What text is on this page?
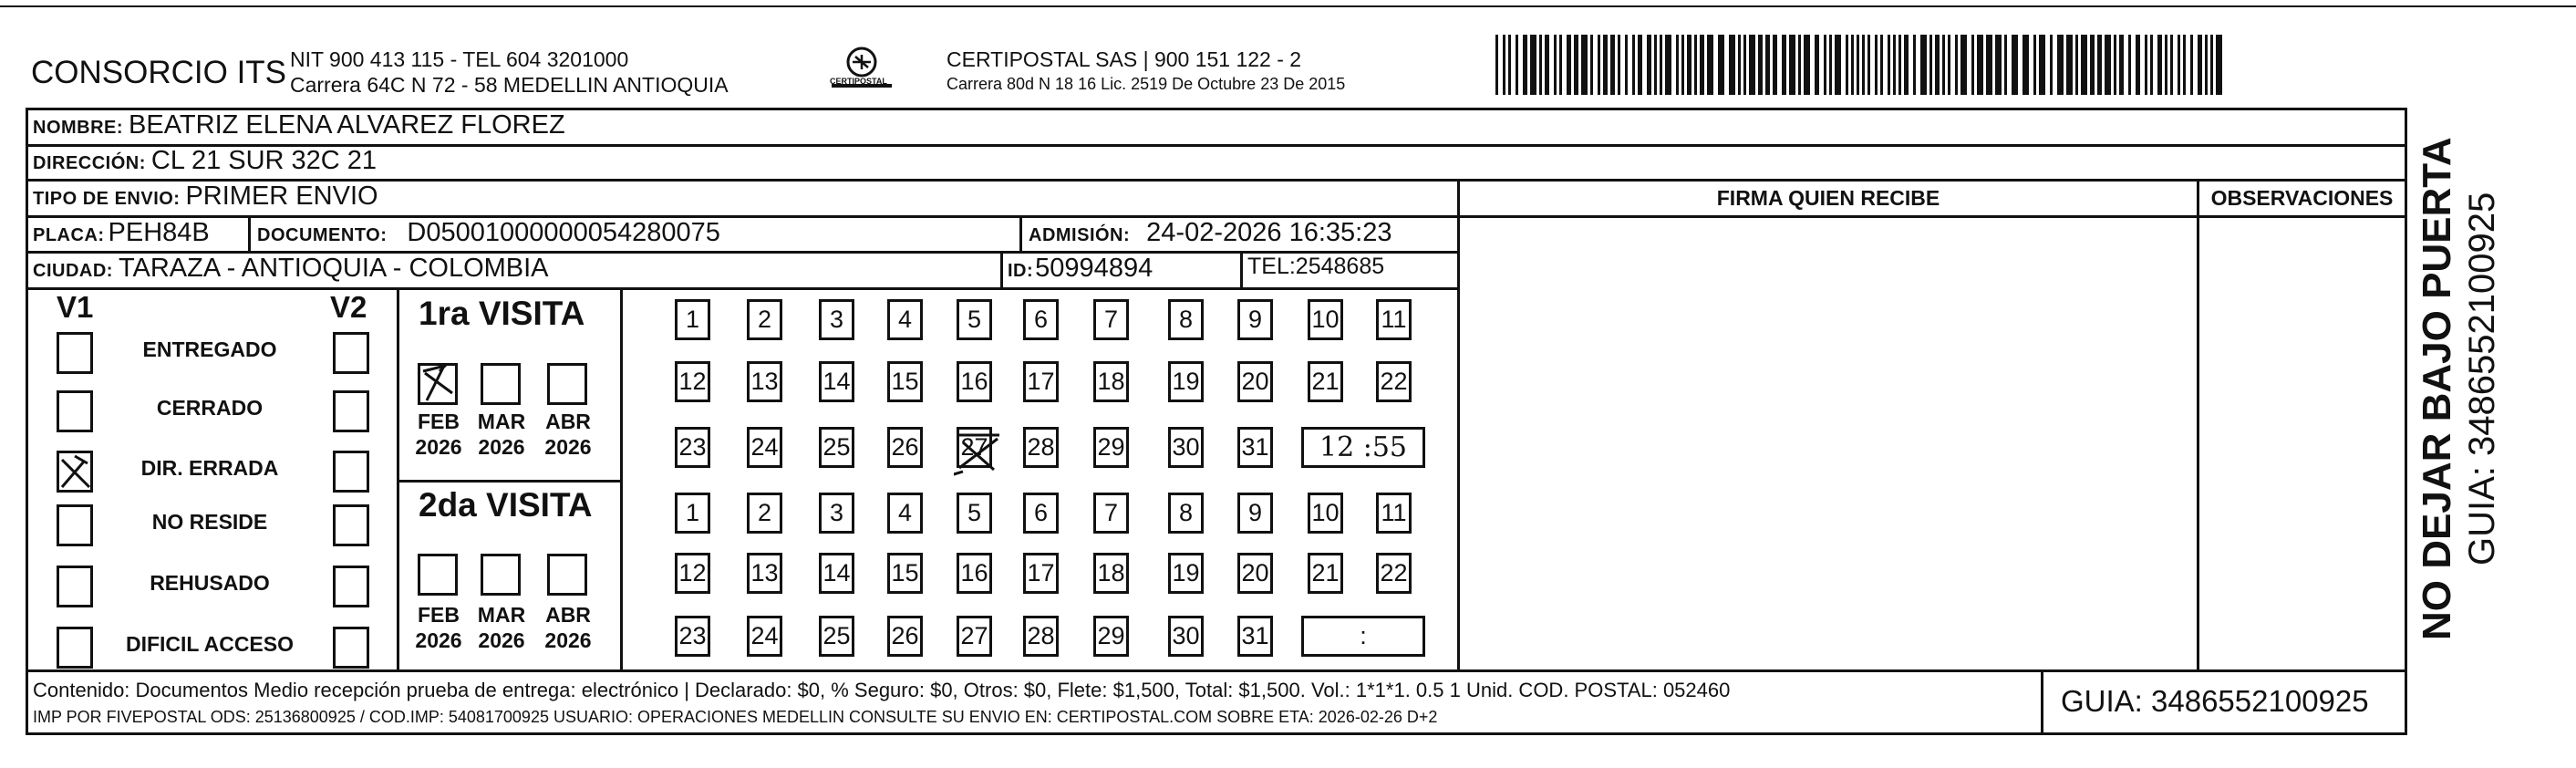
CONSORCIO ITS NIT 900 413 115 - TEL 604 3201000
Carrera 64C N 72 - 58 MEDELLIN ANTIOQUIA	CERTIPOSTAL
CERTIPOSTAL SAS | 900 151 122 - 2
Carrera 80d N 18 16 Lic. 2519 De Octubre 23 De 2015
NOMBRE: BEATRIZ ELENA ALVAREZ FLOREZ
DIRECCIÓN: CL 21 SUR 32C 21
TIPO DE ENVIO: PRIMER ENVIO	FIRMA QUIEN RECIBE	OBSERVACIONES
PLACA: PEH84B	DOCUMENTO: D05001000000054280075	ADMISIÓN: 24-02-2026 16:35:23
CIUDAD: TARAZA - ANTIOQUIA - COLOMBIA	ID: 50994894	TEL: 2548685
V1	V2
ENTREGADO
CERRADO
DIR. ERRADA
NO RESIDE
REHUSADO
DIFICIL ACCESO
1ra VISITA
FEB
2026
MAR
2026
ABR
2026
2da VISITA
FEB
2026
MAR
2026
ABR
2026
1 2 3 4 5 6 7 8 9 10 11
12 13 14 15 16 17 18 19 20 21 22
23 24 25 26 27 28 29 30 31 12 :55
1 2 3 4 5 6 7 8 9 10 11
12 13 14 15 16 17 18 19 20 21 22
23 24 25 26 27 28 29 30 31	:
Contenido: Documentos Medio recepción prueba de entrega: electrónico | Declarado: $0, % Seguro: $0, Otros: $0, Flete: $1,500, Total: $1,500. Vol.: 1*1*1. 0.5 1 Unid. COD. POSTAL: 052460
IMP POR FIVEPOSTAL ODS: 25136800925 / COD.IMP: 54081700925 USUARIO: OPERACIONES MEDELLIN CONSULTE SU ENVIO EN: CERTIPOSTAL.COM SOBRE ETA: 2026-02-26 D+2	GUIA: 3486552100925
NO DEJAR BAJO PUERTA GUIA: 3486552100925
